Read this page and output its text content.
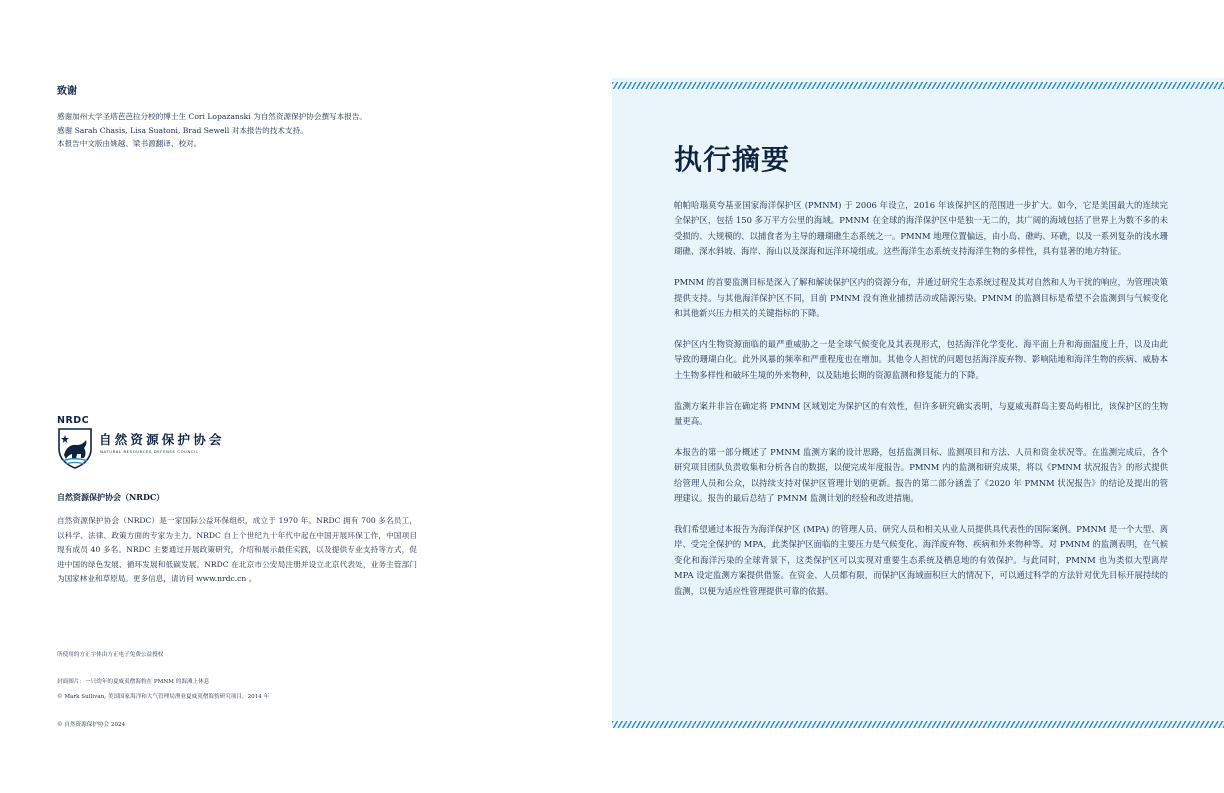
致谢
感谢加州大学圣塔芭芭拉分校的博士生 Cori Lopazanski 为自然资源保护协会撰写本报告。
感谢 Sarah Chasis, Lisa Suatoni, Brad Sewell 对本报告的技术支持。
本报告中文版由姚越、梁书源翻译、校对。
NRDC
自然资源保护协会
NATURAL RESOURCES DEFENSE COUNCIL
自然资源保护协会（NRDC）
自然资源保护协会（NRDC）是一家国际公益环保组织，成立于 1970 年。NRDC 拥有 700 多名员工，以科学、法律、政策方面的专家为主力。NRDC 自上个世纪九十年代中起在中国开展环保工作，中国项目现有成员 40 多名。NRDC 主要通过开展政策研究，介绍和展示最佳实践，以及提供专业支持等方式，促进中国的绿色发展、循环发展和低碳发展。NRDC 在北京市公安局注册并设立北京代表处，业务主管部门为国家林业和草原局。更多信息，请访问 www.nrdc.cn 。
所使用的方正字体由方正电子免费公益授权
封面图片：一只幼年的夏威夷僧海豹在 PMNM 的海滩上休息
© Mark Sullivan, 美国国家海洋和大气管理局渔业夏威夷僧海豹研究项目，2014 年
© 自然资源保护协会 2024
执行摘要

帕帕哈瑙莫夸基亚国家海洋保护区 (PMNM) 于 2006 年设立，2016 年该保护区的范围进一步扩大。如今，它是美国最大的连续完全保护区，包括 150 多万平方公里的海域。PMNM 在全球的海洋保护区中是独一无二的，其广阔的海域包括了世界上为数不多的未受损的、大规模的、以捕食者为主导的珊瑚礁生态系统之一。PMNM 地理位置偏远，由小岛、礁屿、环礁，以及一系列复杂的浅水珊瑚礁、深水斜坡、海岸、海山以及深海和远洋环境组成。这些海洋生态系统支持海洋生物的多样性，具有显著的地方特征。

PMNM 的首要监测目标是深入了解和解读保护区内的资源分布，并通过研究生态系统过程及其对自然和人为干扰的响应，为管理决策提供支持。与其他海洋保护区不同，目前 PMNM 没有渔业捕捞活动或陆源污染。PMNM 的监测目标是希望不会监测到与气候变化和其他新兴压力相关的关键指标的下降。

保护区内生物资源面临的最严重威胁之一是全球气候变化及其表现形式，包括海洋化学变化、海平面上升和海面温度上升，以及由此导致的珊瑚白化。此外风暴的频率和严重程度也在增加。其他令人担忧的问题包括海洋废弃物、影响陆地和海洋生物的疾病、威胁本土生物多样性和破坏生境的外来物种，以及陆地长期的资源监测和修复能力的下降。

监测方案并非旨在确定将 PMNM 区域划定为保护区的有效性，但许多研究确实表明，与夏威夷群岛主要岛屿相比，该保护区的生物量更高。

本报告的第一部分概述了 PMNM 监测方案的设计思路，包括监测目标、监测项目和方法、人员和资金状况等。在监测完成后，各个研究项目团队负责收集和分析各自的数据，以便完成年度报告。PMNM 内的监测和研究成果，将以《PMNM 状况报告》的形式提供给管理人员和公众，以持续支持对保护区管理计划的更新。报告的第二部分涵盖了《2020 年 PMNM 状况报告》的结论及提出的管理建议。报告的最后总结了 PMNM 监测计划的经验和改进措施。

我们希望通过本报告为海洋保护区 (MPA) 的管理人员、研究人员和相关从业人员提供具代表性的国际案例。PMNM 是一个大型、离岸、受完全保护的 MPA，此类保护区面临的主要压力是气候变化、海洋废弃物、疾病和外来物种等。对 PMNM 的监测表明，在气候变化和海洋污染的全球背景下，这类保护区可以实现对重要生态系统及栖息地的有效保护。与此同时，PMNM 也为类似大型离岸 MPA 设定监测方案提供借鉴。在资金、人员都有限，而保护区海域面积巨大的情况下，可以通过科学的方法针对优先目标开展持续的监测，以便为适应性管理提供可靠的依据。
